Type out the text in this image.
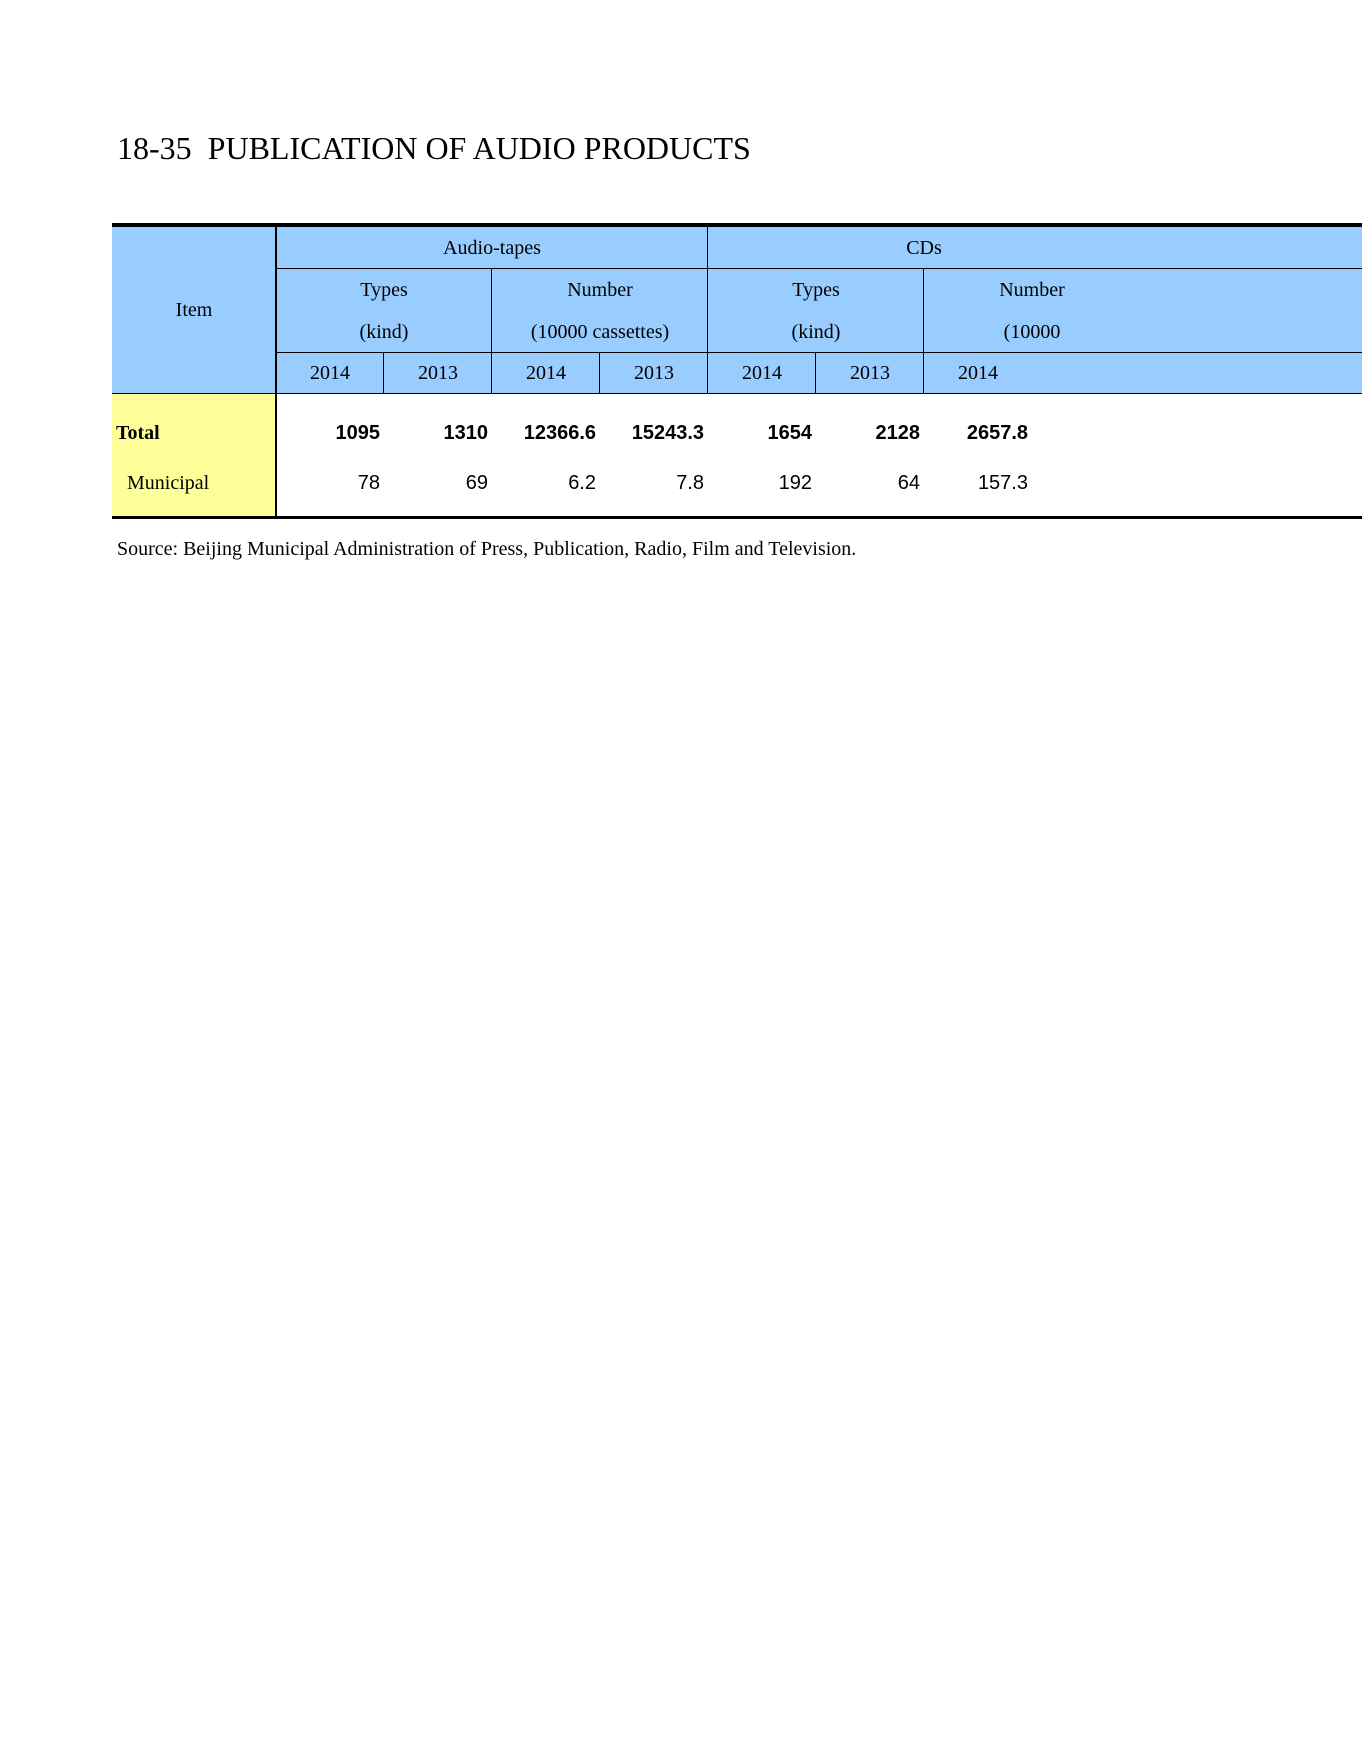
18-35  PUBLICATION OF AUDIO PRODUCTS
Item
Audio-tapes	CDs
Types
(kind)
Number
(10000 cassettes)
Types
(kind)
Number
(10000
2014	2013	2014	2013	2014	2013	2014
Total	1095	1310	12366.6	15243.3	1654	2128	2657.8
Municipal	78	69	6.2	7.8	192	64	157.3
Source: Beijing Municipal Administration of Press, Publication, Radio, Film and Television.
